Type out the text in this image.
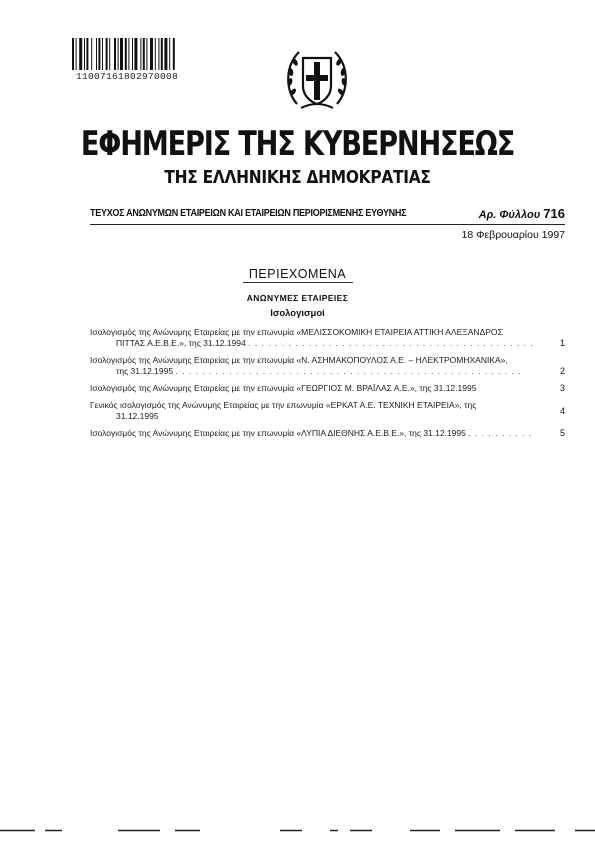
11007161802970008
ΕΦΗΜΕΡΙΣ ΤΗΣ ΚΥΒΕΡΝΗΣΕΩΣ
ΤΗΣ ΕΛΛΗΝΙΚΗΣ ΔΗΜΟΚΡΑΤΙΑΣ
ΤΕΥΧΟΣ ΑΝΩΝΥΜΩΝ ΕΤΑΙΡΕΙΩΝ ΚΑΙ ΕΤΑΙΡΕΙΩΝ ΠΕΡΙΟΡΙΣΜΕΝΗΣ ΕΥΘΥΝΗΣ	Αρ. Φύλλου 716
18 Φεβρουαρίου 1997
ΠΕΡΙΕΧΟΜΕΝΑ
ΑΝΩΝΥΜΕΣ ΕΤΑΙΡΕΙΕΣ
Ισολογισμοί
Ισολογισμός της Ανώνυμης Εταιρείας με την επωνυμία «ΜΕΛΙΣΣΟΚΟΜΙΚΗ ΕΤΑΙΡΕΙΑ ΑΤΤΙΚΗ ΑΛΕΞΑΝΔΡΟΣ
ΠΙΤΤΑΣ Α.Ε.Β.Ε.», της 31.12.1994 . . . . . . . . . . . . . . . . . . . . . . . . . . . . . . . . . . . . . . . . . . .	1
Ισολογισμός της Ανώνυμης Εταιρείας με την επωνυμία «Ν. ΑΣΗΜΑΚΟΠΟΥΛΟΣ Α.Ε. – ΗΛΕΚΤΡΟΜΗΧΑΝΙΚΑ»,
της 31.12.1995 . . . . . . . . . . . . . . . . . . . . . . . . . . . . . . . . . . . . . . . . . . . . . . . . . . . .	2
Ισολογισμός της Ανώνυμης Εταιρείας με την επωνυμία «ΓΕΩΡΓΙΟΣ Μ. ΒΡΑΪΛΑΣ Α.Ε.», της 31.12.1995	3
Γενικός ισολογισμός της Ανώνυμης Εταιρείας με την επωνυμία «ΕΡΚΑΤ Α.Ε. ΤΕΧΝΙΚΗ ΕΤΑΙΡΕΙΑ», της
31.12.1995	4
Ισολογισμός της Ανώνυμης Εταιρείας με την επωνυμία «ΛΥΠΙΑ ΔΙΕΘΝΗΣ Α.Ε.Β.Ε.», της 31.12.1995 . . . . . . . . . .	5
